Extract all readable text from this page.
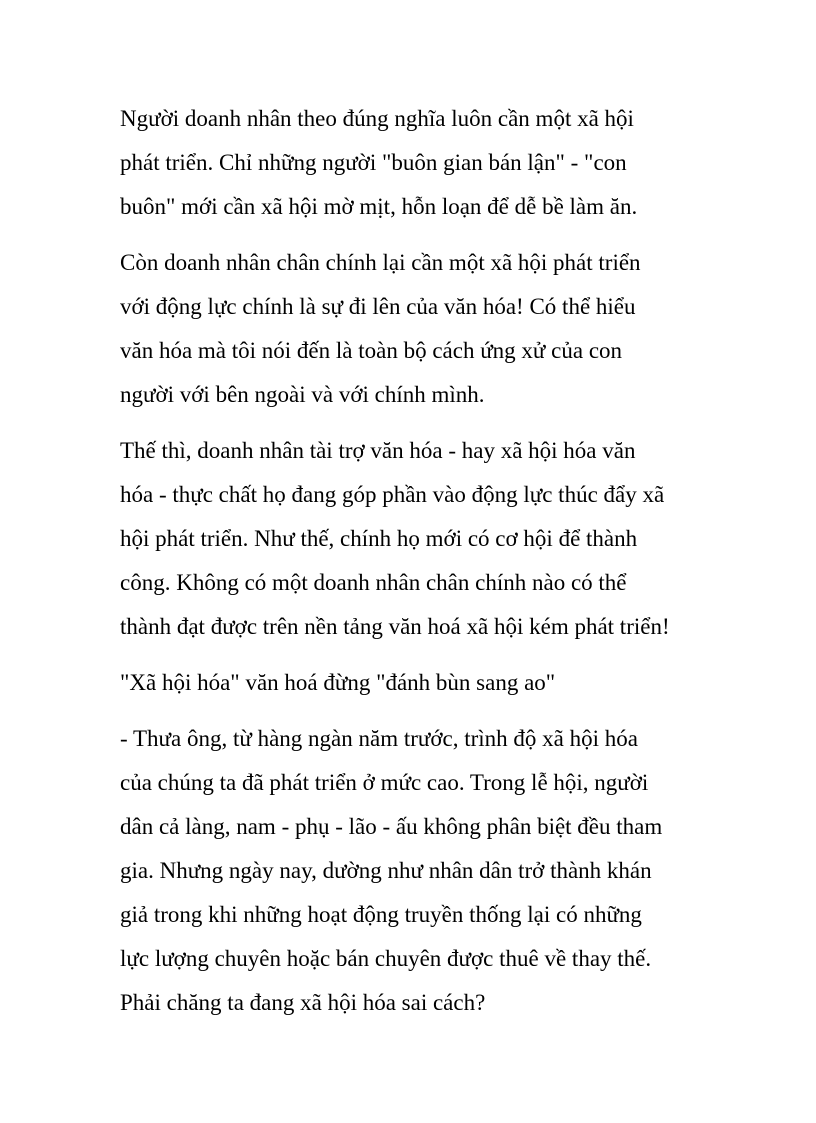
Người doanh nhân theo đúng nghĩa luôn cần một xã hội
phát triển. Chỉ những người "buôn gian bán lận" - "con
buôn" mới cần xã hội mờ mịt, hỗn loạn để dễ bề làm ăn.

Còn doanh nhân chân chính lại cần một xã hội phát triển
với động lực chính là sự đi lên của văn hóa! Có thể hiểu
văn hóa mà tôi nói đến là toàn bộ cách ứng xử của con
người với bên ngoài và với chính mình.

Thế thì, doanh nhân tài trợ văn hóa - hay xã hội hóa văn
hóa - thực chất họ đang góp phần vào động lực thúc đẩy xã
hội phát triển. Như thế, chính họ mới có cơ hội để thành
công. Không có một doanh nhân chân chính nào có thể
thành đạt được trên nền tảng văn hoá xã hội kém phát triển!

"Xã hội hóa" văn hoá đừng "đánh bùn sang ao"

- Thưa ông, từ hàng ngàn năm trước, trình độ xã hội hóa
của chúng ta đã phát triển ở mức cao. Trong lễ hội, người
dân cả làng, nam - phụ - lão - ấu không phân biệt đều tham
gia. Nhưng ngày nay, dường như nhân dân trở thành khán
giả trong khi những hoạt động truyền thống lại có những
lực lượng chuyên hoặc bán chuyên được thuê về thay thế.
Phải chăng ta đang xã hội hóa sai cách?
